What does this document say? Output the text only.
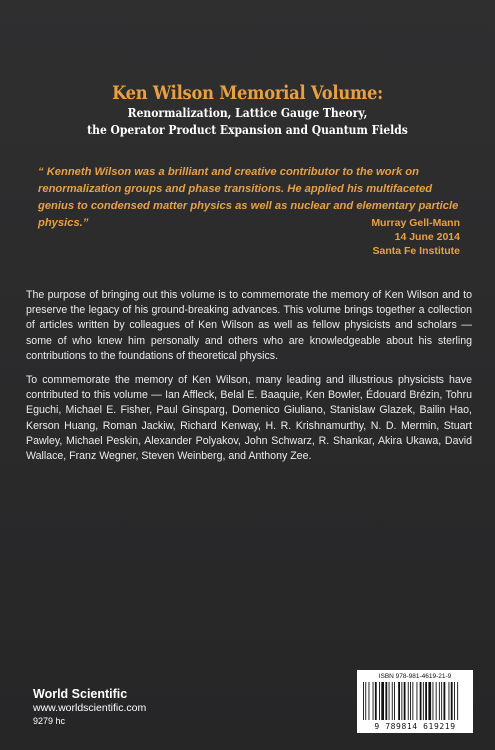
Ken Wilson Memorial Volume:
Renormalization, Lattice Gauge Theory,
the Operator Product Expansion and Quantum Fields

“ Kenneth Wilson was a brilliant and creative contributor to the work on renormalization groups and phase transitions. He applied his multifaceted genius to condensed matter physics as well as nuclear and elementary particle physics.”	Murray Gell-Mann
14 June 2014
Santa Fe Institute

The purpose of bringing out this volume is to commemorate the memory of Ken Wilson and to preserve the legacy of his ground-breaking advances. This volume brings together a collection of articles written by colleagues of Ken Wilson as well as fellow physicists and scholars — some of who knew him personally and others who are knowledgeable about his sterling contributions to the foundations of theoretical physics.

To commemorate the memory of Ken Wilson, many leading and illustrious physicists have contributed to this volume — Ian Affleck, Belal E. Baaquie, Ken Bowler, Édouard Brézin, Tohru Eguchi, Michael E. Fisher, Paul Ginsparg, Domenico Giuliano, Stanislaw Glazek, Bailin Hao, Kerson Huang, Roman Jackiw, Richard Kenway, H. R. Krishnamurthy, N. D. Mermin, Stuart Pawley, Michael Peskin, Alexander Polyakov, John Schwarz, R. Shankar, Akira Ukawa, David Wallace, Franz Wegner, Steven Weinberg, and Anthony Zee.

World Scientific
www.worldscientific.com
9279 hc
ISBN 978-981-4619-21-9
9 789814 619219
